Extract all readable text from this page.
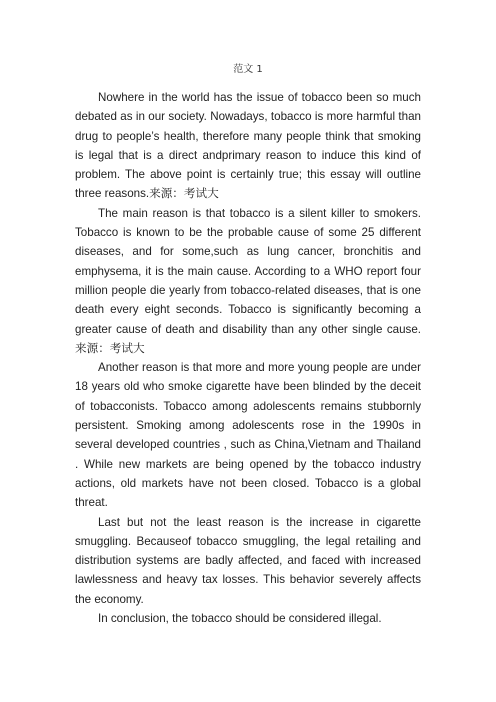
范文 1

Nowhere in the world has the issue of tobacco been so much debated as in our society. Nowadays, tobacco is more harmful than drug to people’s health, therefore many people think that smoking is legal that is a direct andprimary reason to induce this kind of problem. The above point is certainly true; this essay will outline three reasons.来源：考试大

The main reason is that tobacco is a silent killer to smokers. Tobacco is known to be the probable cause of some 25 different diseases, and for some,such as lung cancer, bronchitis and emphysema, it is the main cause. According to a WHO report four million people die yearly from tobacco-related diseases, that is one death every eight seconds. Tobacco is significantly becoming a greater cause of death and disability than any other single cause.来源：考试大

Another reason is that more and more young people are under 18 years old who smoke cigarette have been blinded by the deceit of tobacconists. Tobacco among adolescents remains stubbornly persistent. Smoking among adolescents rose in the 1990s in several developed countries , such as China,Vietnam and Thailand . While new markets are being opened by the tobacco industry actions, old markets have not been closed. Tobacco is a global threat.

Last but not the least reason is the increase in cigarette smuggling. Becauseof tobacco smuggling, the legal retailing and distribution systems are badly affected, and faced with increased lawlessness and heavy tax losses. This behavior severely affects the economy.

In conclusion, the tobacco should be considered illegal.
